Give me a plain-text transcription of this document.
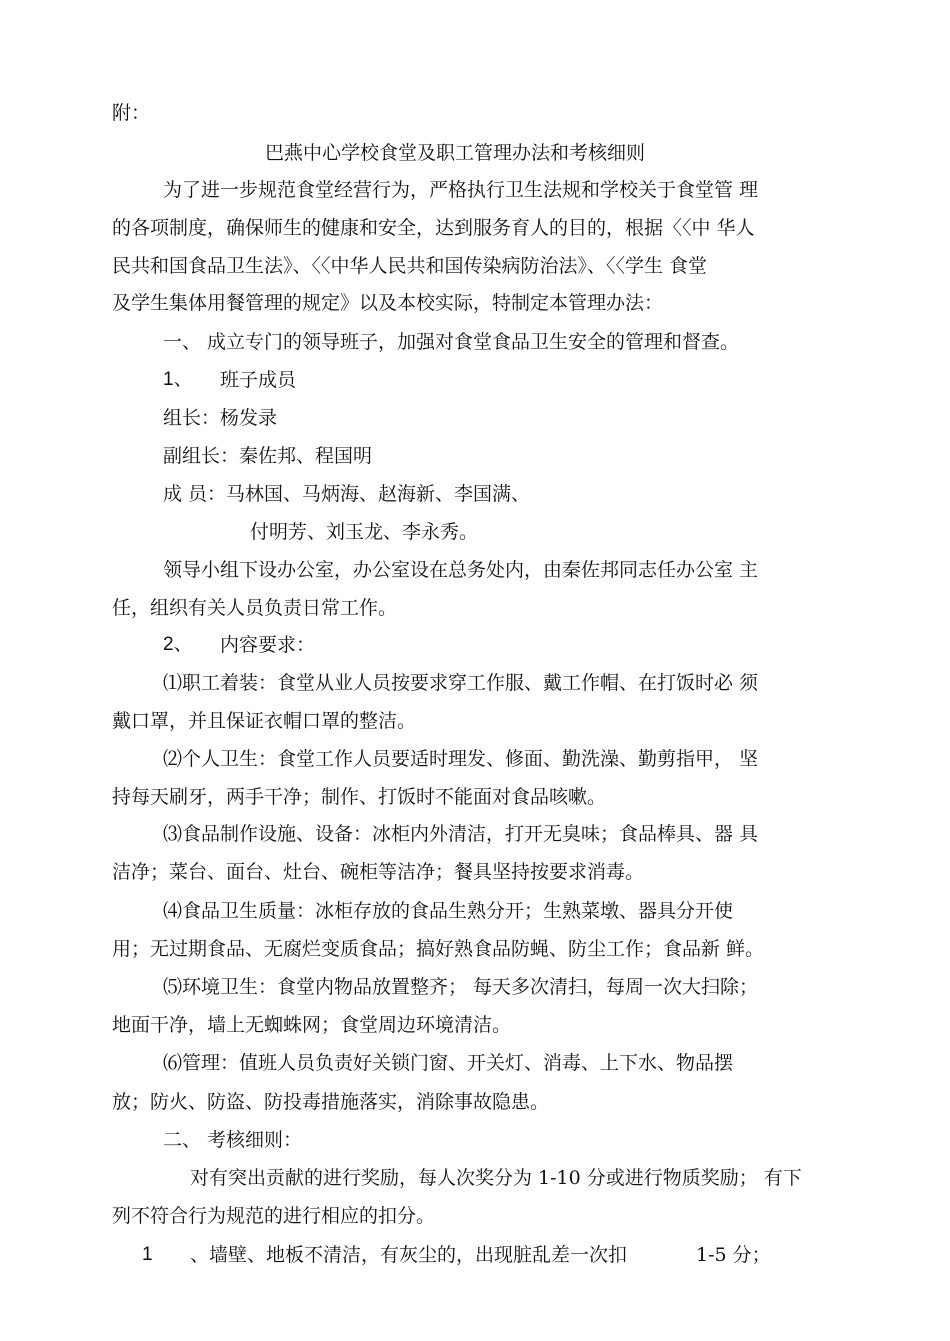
附：
巴燕中心学校食堂及职工管理办法和考核细则
为了进一步规范食堂经营行为，严格执行卫生法规和学校关于食堂管 理
的各项制度，确保师生的健康和安全，达到服务育人的目的，根据〈〈中 华人
民共和国食品卫生法》、〈〈中华人民共和国传染病防治法》、〈〈学生 食堂
及学生集体用餐管理的规定》以及本校实际，特制定本管理办法：
一、 成立专门的领导班子，加强对食堂食品卫生安全的管理和督查。
1、 班子成员
组长：杨发录
副组长：秦佐邦、程国明
成 员：马林国、马炳海、赵海新、李国满、
付明芳、刘玉龙、李永秀。
领导小组下设办公室，办公室设在总务处内，由秦佐邦同志任办公室 主
任，组织有关人员负责日常工作。
2、 内容要求：
⑴职工着装：食堂从业人员按要求穿工作服、戴工作帽、在打饭时必 须
戴口罩，并且保证衣帽口罩的整洁。
⑵个人卫生：食堂工作人员要适时理发、修面、勤洗澡、勤剪指甲， 坚
持每天刷牙，两手干净；制作、打饭时不能面对食品咳嗽。
⑶食品制作设施、设备：冰柜内外清洁，打开无臭味；食品棒具、器 具
洁净；菜台、面台、灶台、碗柜等洁净；餐具坚持按要求消毒。
⑷食品卫生质量：冰柜存放的食品生熟分开；生熟菜墩、器具分开使
用；无过期食品、无腐烂变质食品；搞好熟食品防蝇、防尘工作；食品新 鲜。
⑸环境卫生：食堂内物品放置整齐； 每天多次清扫，每周一次大扫除；
地面干净，墙上无蜘蛛网；食堂周边环境清洁。
⑹管理：值班人员负责好关锁门窗、开关灯、消毒、上下水、物品摆
放；防火、防盗、防投毒措施落实，消除事故隐患。
二、 考核细则：
对有突出贡献的进行奖励，每人次奖分为 1-10 分或进行物质奖励； 有下
列不符合行为规范的进行相应的扣分。
1 、墙壁、地板不清洁，有灰尘的，出现脏乱差一次扣	1-5 分；
